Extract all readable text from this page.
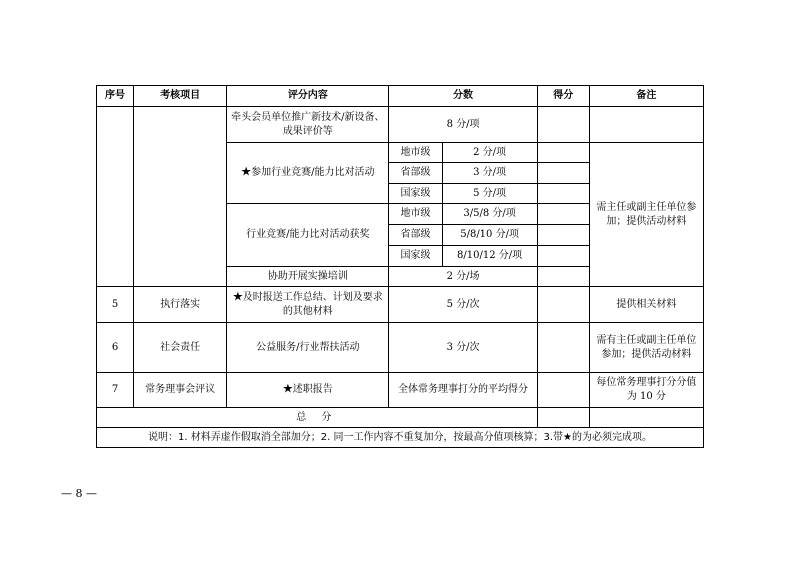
序号	考核项目	评分内容	分数		得分	备注
		牵头会员单位推广新技术/新设备、成果评价等	8 分/项			
		★参加行业竞赛/能力比对活动	地市级	2 分/项		需主任或副主任单位参加；提供活动材料
			省部级	3 分/项		
			国家级	5 分/项		
		行业竞赛/能力比对活动获奖	地市级	3/5/8 分/项		
			省部级	5/8/10 分/项		
			国家级	8/10/12 分/项		
		协助开展实操培训	2 分/场			
5	执行落实	★及时报送工作总结、计划及要求的其他材料	5 分/次			提供相关材料
6	社会责任	公益服务/行业帮扶活动	3 分/次			需有主任或副主任单位参加；提供活动材料
7	常务理事会评议	★述职报告	全体常务理事打分的平均得分			每位常务理事打分分值为 10 分
总 分						
说明：1. 材料弄虚作假取消全部加分；2. 同一工作内容不重复加分，按最高分值项核算；3.带★的为必须完成项。						
— 8 —
